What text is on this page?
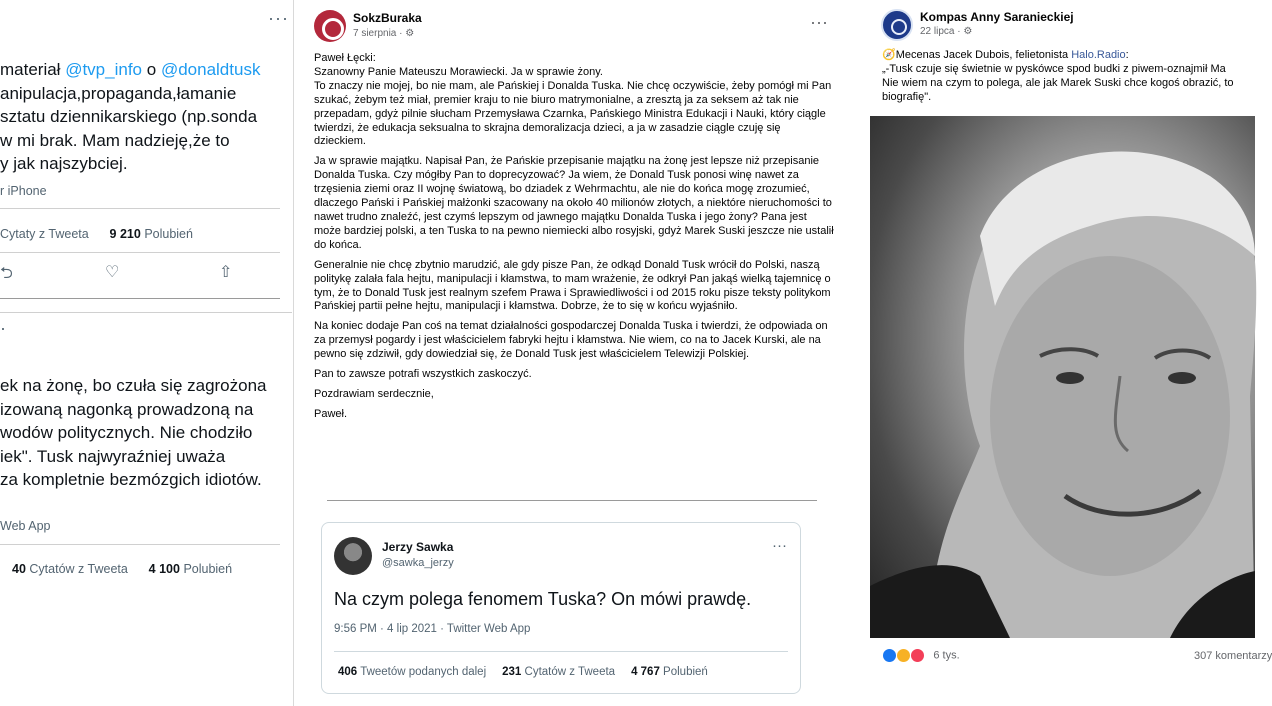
···
materiał @tvp_info o @donaldtusk
anipulacja,propaganda,łamanie
sztatu dziennikarskiego (np.sonda
w mi brak. Mam nadzieję,że to
y jak najszybciej.
r iPhone
Cytaty z Tweeta 9 210 Polubień
⮌	♡	⇧
·
ek na żonę, bo czuła się zagrożona
izowaną nagonką prowadzoną na
wodów politycznych. Nie chodziło
iek". Tusk najwyraźniej uważa
za kompletnie bezmózgich idiotów.
Web App
40 Cytatów z Tweeta 4 100 Polubień
SokzBuraka
7 sierpnia · ⚙
···

Paweł Łęcki:
Szanowny Panie Mateuszu Morawiecki. Ja w sprawie żony.
To znaczy nie mojej, bo nie mam, ale Pańskiej i Donalda Tuska. Nie chcę oczywiście, żeby pomógł mi Pan szukać, żebym też miał, premier kraju to nie biuro matrymonialne, a zresztą ja za seksem aż tak nie przepadam, gdyż pilnie słucham Przemysława Czarnka, Pańskiego Ministra Edukacji i Nauki, który ciągle twierdzi, że edukacja seksualna to skrajna demoralizacja dzieci, a ja w zasadzie ciągle czuję się dzieckiem.

Ja w sprawie majątku. Napisał Pan, że Pańskie przepisanie majątku na żonę jest lepsze niż przepisanie Donalda Tuska. Czy mógłby Pan to doprecyzować? Ja wiem, że Donald Tusk ponosi winę nawet za trzęsienia ziemi oraz II wojnę światową, bo dziadek z Wehrmachtu, ale nie do końca mogę zrozumieć, dlaczego Pański i Pańskiej małżonki szacowany na około 40 milionów złotych, a niektóre nieruchomości to nawet trudno znaleźć, jest czymś lepszym od jawnego majątku Donalda Tuska i jego żony? Pana jest może bardziej polski, a ten Tuska to na pewno niemiecki albo rosyjski, gdyż Marek Suski jeszcze nie ustalił do końca.

Generalnie nie chcę zbytnio marudzić, ale gdy pisze Pan, że odkąd Donald Tusk wrócił do Polski, naszą politykę zalała fala hejtu, manipulacji i kłamstwa, to mam wrażenie, że odkrył Pan jakąś wielką tajemnicę o tym, że to Donald Tusk jest realnym szefem Prawa i Sprawiedliwości i od 2015 roku pisze teksty politykom Pańskiej partii pełne hejtu, manipulacji i kłamstwa. Dobrze, że to się w końcu wyjaśniło.

Na koniec dodaje Pan coś na temat działalności gospodarczej Donalda Tuska i twierdzi, że odpowiada on za przemysł pogardy i jest właścicielem fabryki hejtu i kłamstwa. Nie wiem, co na to Jacek Kurski, ale na pewno się zdziwił, gdy dowiedział się, że Donald Tusk jest właścicielem Telewizji Polskiej.

Pan to zawsze potrafi wszystkich zaskoczyć.

Pozdrawiam serdecznie,

Paweł.

Jerzy Sawka
@sawka_jerzy
···
Na czym polega fenomem Tuska? On mówi prawdę.
9:56 PM · 4 lip 2021 · Twitter Web App
406 Tweetów podanych dalej 231 Cytatów z Tweeta 4 767 Polubień
Kompas Anny Saranieckiej
22 lipca · ⚙
🧭Mecenas Jacek Dubois, felietonista Halo.Radio:
„-Tusk czuje się świetnie w pyskówce spod budki z piwem-oznajmił Ma
Nie wiem na czym to polega, ale jak Marek Suski chce kogoś obrazić, to
biografię".
6 tys.	307 komentarzy
